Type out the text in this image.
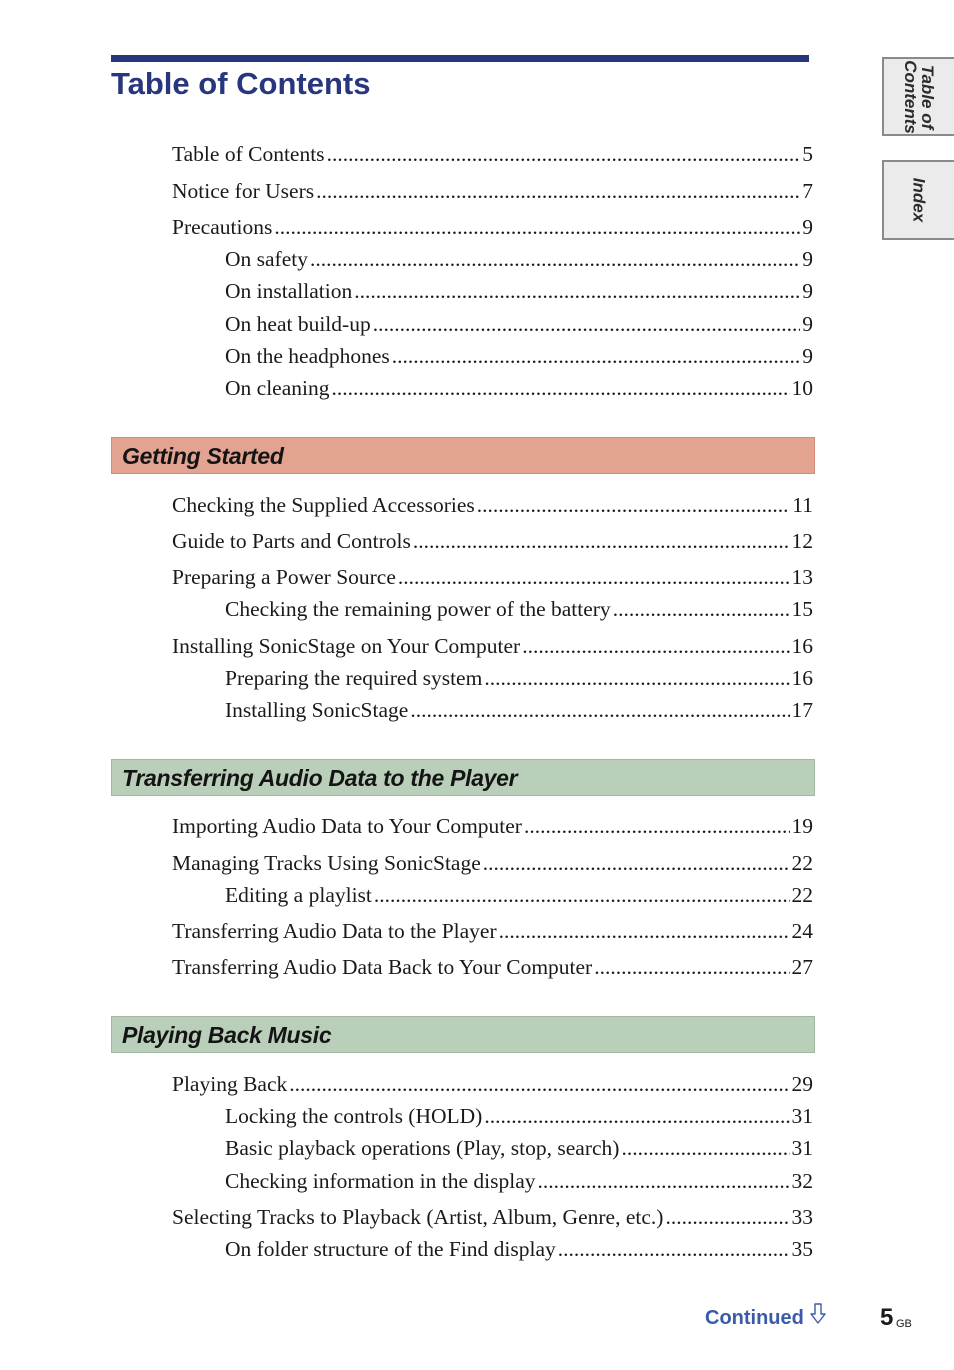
Table of Contents	Table of
Contents
Index
Table of Contents .....	5
Notice for Users .....	7
Precautions .....	9
On safety .....	9
On installation .....	9
On heat build-up .....	9
On the headphones .....	9
On cleaning .....	10
Getting Started
Checking the Supplied Accessories .....	11
Guide to Parts and Controls .....	12
Preparing a Power Source .....	13
Checking the remaining power of the battery .....	15
Installing SonicStage on Your Computer .....	16
Preparing the required system .....	16
Installing SonicStage .....	17
Transferring Audio Data to the Player
Importing Audio Data to Your Computer .....	19
Managing Tracks Using SonicStage .....	22
Editing a playlist .....	22
Transferring Audio Data to the Player .....	24
Transferring Audio Data Back to Your Computer .....	27
Playing Back Music
Playing Back .....	29
Locking the controls (HOLD) .....	31
Basic playback operations (Play, stop, search) .....	31
Checking information in the display .....	32
Selecting Tracks to Playback (Artist, Album, Genre, etc.) .....	33
On folder structure of the Find display .....	35
Continued	5 GB
